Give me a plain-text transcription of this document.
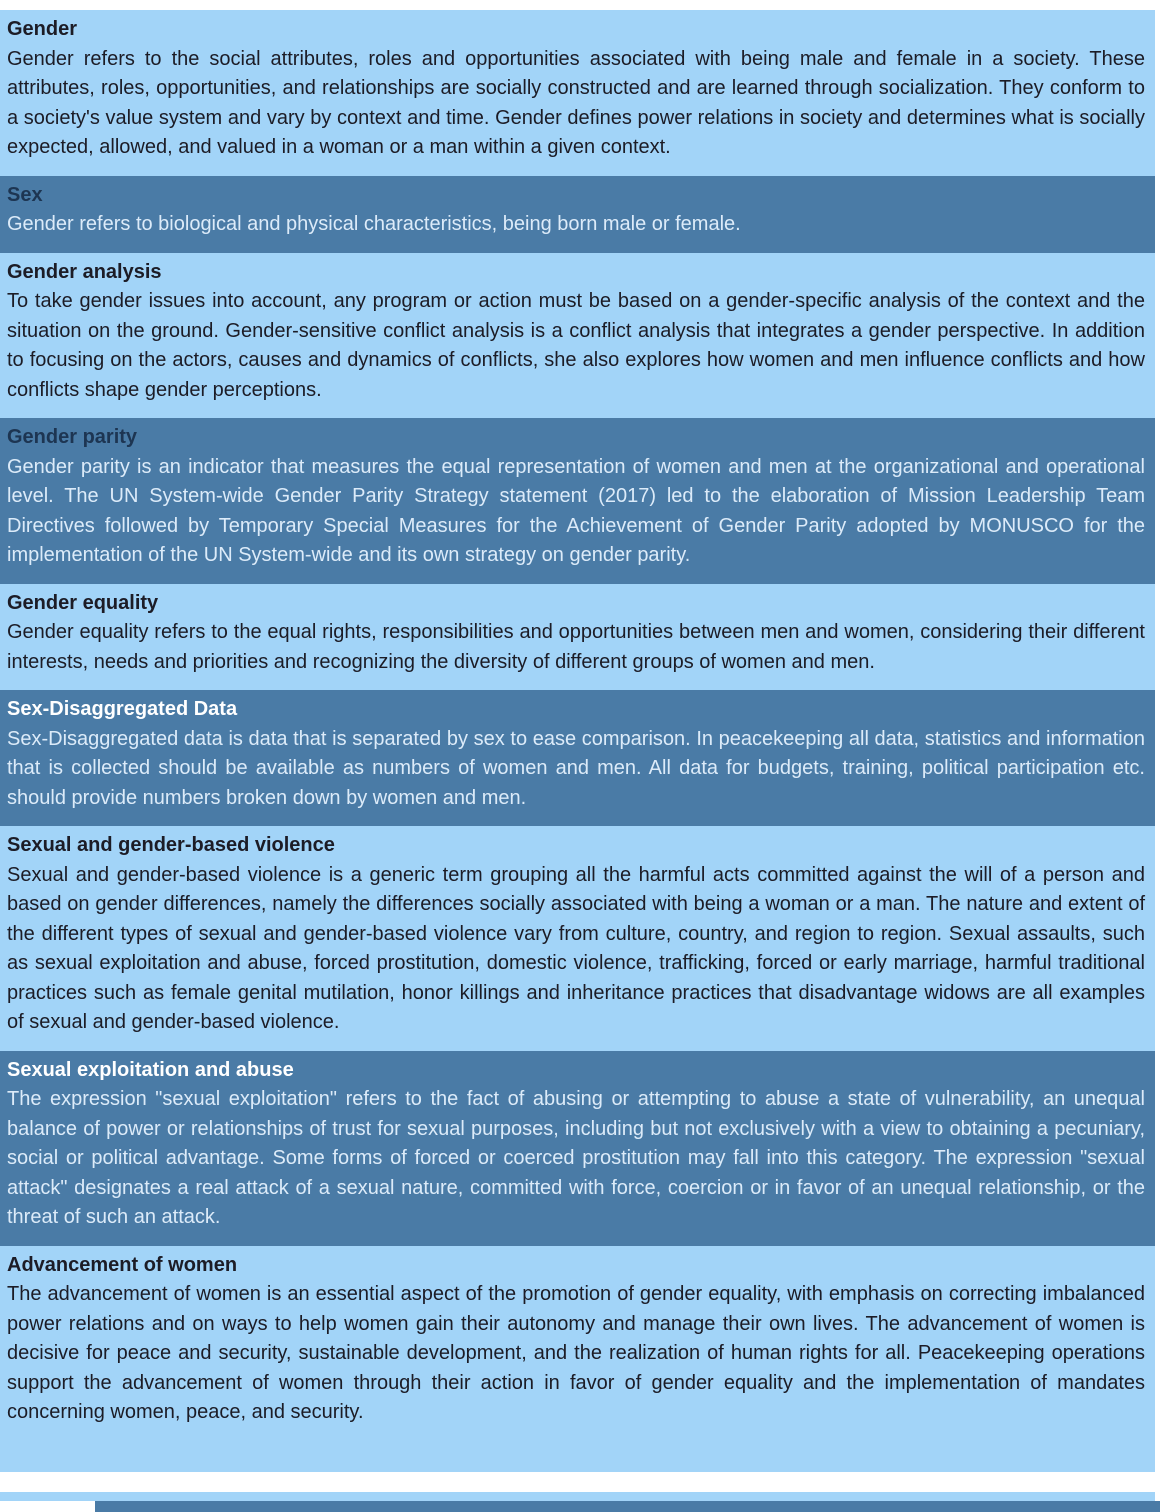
Gender

Gender refers to the social attributes, roles and opportunities associated with being male and female in a society. These attributes, roles, opportunities, and relationships are socially constructed and are learned through socialization. They conform to a society's value system and vary by context and time. Gender defines power relations in society and determines what is socially expected, allowed, and valued in a woman or a man within a given context.

Sex

Gender refers to biological and physical characteristics, being born male or female.

Gender analysis

To take gender issues into account, any program or action must be based on a gender-specific analysis of the context and the situation on the ground. Gender-sensitive conflict analysis is a conflict analysis that integrates a gender perspective. In addition to focusing on the actors, causes and dynamics of conflicts, she also explores how women and men influence conflicts and how conflicts shape gender perceptions.

Gender parity

Gender parity is an indicator that measures the equal representation of women and men at the organizational and operational level. The UN System-wide Gender Parity Strategy statement (2017) led to the elaboration of Mission Leadership Team Directives followed by Temporary Special Measures for the Achievement of Gender Parity adopted by MONUSCO for the implementation of the UN System-wide and its own strategy on gender parity.

Gender equality

Gender equality refers to the equal rights, responsibilities and opportunities between men and women, considering their different interests, needs and priorities and recognizing the diversity of different groups of women and men.

Sex-Disaggregated Data

Sex-Disaggregated data is data that is separated by sex to ease comparison. In peacekeeping all data, statistics and information that is collected should be available as numbers of women and men. All data for budgets, training, political participation etc. should provide numbers broken down by women and men.

Sexual and gender-based violence

Sexual and gender-based violence is a generic term grouping all the harmful acts committed against the will of a person and based on gender differences, namely the differences socially associated with being a woman or a man. The nature and extent of the different types of sexual and gender-based violence vary from culture, country, and region to region. Sexual assaults, such as sexual exploitation and abuse, forced prostitution, domestic violence, trafficking, forced or early marriage, harmful traditional practices such as female genital mutilation, honor killings and inheritance practices that disadvantage widows are all examples of sexual and gender-based violence.

Sexual exploitation and abuse

The expression "sexual exploitation" refers to the fact of abusing or attempting to abuse a state of vulnerability, an unequal balance of power or relationships of trust for sexual purposes, including but not exclusively with a view to obtaining a pecuniary, social or political advantage. Some forms of forced or coerced prostitution may fall into this category. The expression "sexual attack" designates a real attack of a sexual nature, committed with force, coercion or in favor of an unequal relationship, or the threat of such an attack.

Advancement of women

The advancement of women is an essential aspect of the promotion of gender equality, with emphasis on correcting imbalanced power relations and on ways to help women gain their autonomy and manage their own lives. The advancement of women is decisive for peace and security, sustainable development, and the realization of human rights for all. Peacekeeping operations support the advancement of women through their action in favor of gender equality and the implementation of mandates concerning women, peace, and security.
